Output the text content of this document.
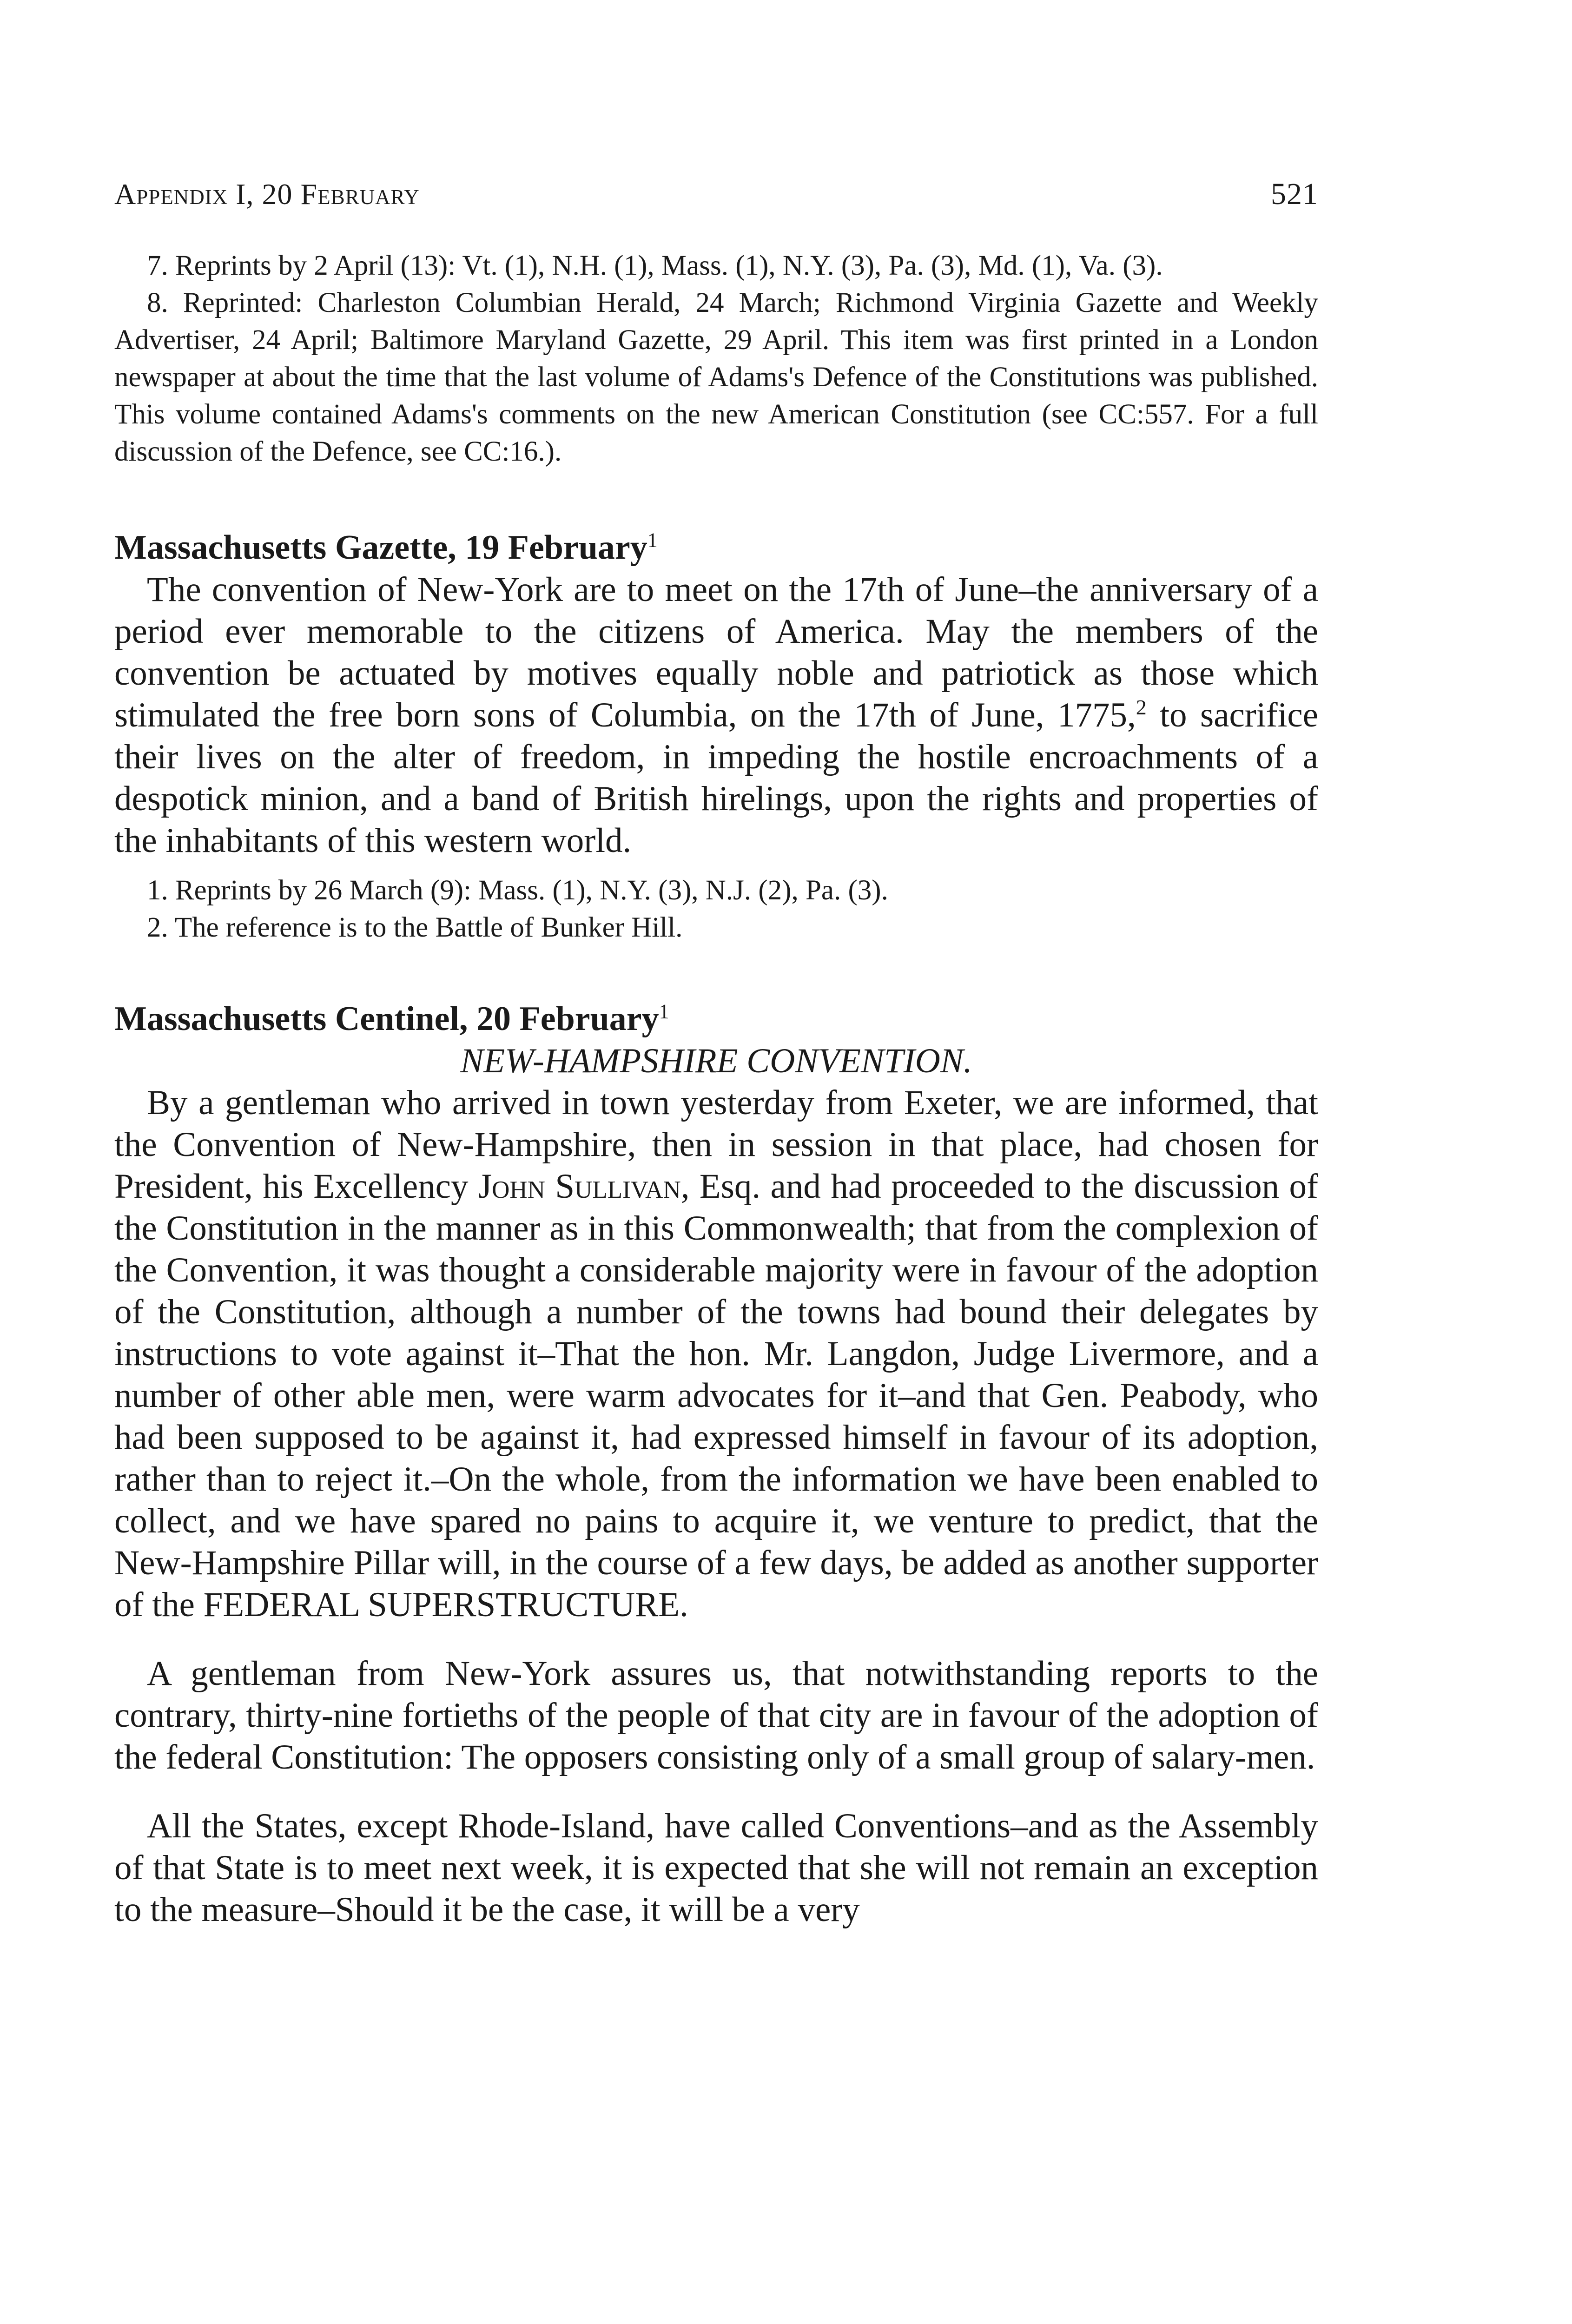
Appendix I, 20 February	521

7. Reprints by 2 April (13): Vt. (1), N.H. (1), Mass. (1), N.Y. (3), Pa. (3), Md. (1), Va. (3).

8. Reprinted: Charleston Columbian Herald, 24 March; Richmond Virginia Gazette and Weekly Advertiser, 24 April; Baltimore Maryland Gazette, 29 April. This item was first printed in a London newspaper at about the time that the last volume of Adams's Defence of the Constitutions was published. This volume contained Adams's comments on the new American Constitution (see CC:557. For a full discussion of the Defence, see CC:16.).

Massachusetts Gazette, 19 February$^1$

The convention of New-York are to meet on the 17th of June–the anniversary of a period ever memorable to the citizens of America. May the members of the convention be actuated by motives equally noble and patriotick as those which stimulated the free born sons of Columbia, on the 17th of June, 1775,$^2$ to sacrifice their lives on the alter of freedom, in impeding the hostile encroachments of a despotick minion, and a band of British hirelings, upon the rights and properties of the inhabitants of this western world.

1. Reprints by 26 March (9): Mass. (1), N.Y. (3), N.J. (2), Pa. (3).

2. The reference is to the Battle of Bunker Hill.

Massachusetts Centinel, 20 February$^1$

NEW-HAMPSHIRE CONVENTION.

By a gentleman who arrived in town yesterday from Exeter, we are informed, that the Convention of New-Hampshire, then in session in that place, had chosen for President, his Excellency John Sullivan, Esq. and had proceeded to the discussion of the Constitution in the manner as in this Commonwealth; that from the complexion of the Convention, it was thought a considerable majority were in favour of the adoption of the Constitution, although a number of the towns had bound their delegates by instructions to vote against it–That the hon. Mr. Langdon, Judge Livermore, and a number of other able men, were warm advocates for it–and that Gen. Peabody, who had been supposed to be against it, had expressed himself in favour of its adoption, rather than to reject it.–On the whole, from the information we have been enabled to collect, and we have spared no pains to acquire it, we venture to predict, that the New-Hampshire Pillar will, in the course of a few days, be added as another supporter of the FEDERAL SUPERSTRUCTURE.

A gentleman from New-York assures us, that notwithstanding reports to the contrary, thirty-nine fortieths of the people of that city are in favour of the adoption of the federal Constitution: The opposers consisting only of a small group of salary-men.

All the States, except Rhode-Island, have called Conventions–and as the Assembly of that State is to meet next week, it is expected that she will not remain an exception to the measure–Should it be the case, it will be a very
